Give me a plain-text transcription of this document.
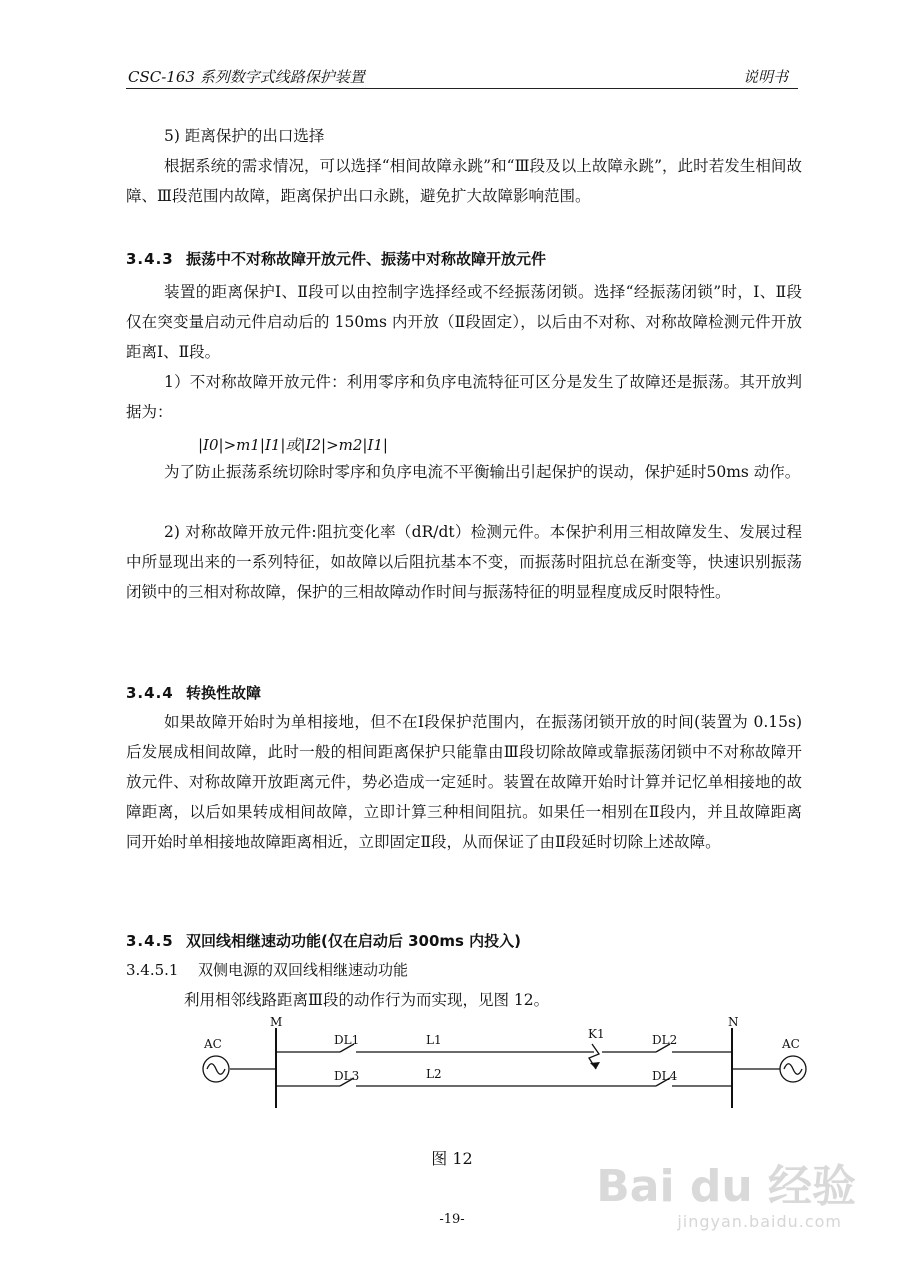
CSC-163 系列数字式线路保护装置	说明书

5) 距离保护的出口选择

根据系统的需求情况，可以选择“相间故障永跳”和“Ⅲ段及以上故障永跳”，此时若发生相间故障、Ⅲ段范围内故障，距离保护出口永跳，避免扩大故障影响范围。

3.4.3 振荡中不对称故障开放元件、振荡中对称故障开放元件

装置的距离保护Ⅰ、Ⅱ段可以由控制字选择经或不经振荡闭锁。选择“经振荡闭锁”时，Ⅰ、Ⅱ段仅在突变量启动元件启动后的 150ms 内开放（Ⅱ段固定），以后由不对称、对称故障检测元件开放距离Ⅰ、Ⅱ段。

1）不对称故障开放元件：利用零序和负序电流特征可区分是发生了故障还是振荡。其开放判据为：

|I0|>m1|I1|或|I2|>m2|I1|

为了防止振荡系统切除时零序和负序电流不平衡输出引起保护的误动，保护延时50ms 动作。

2) 对称故障开放元件:阻抗变化率（dR/dt）检测元件。本保护利用三相故障发生、发展过程中所显现出来的一系列特征，如故障以后阻抗基本不变，而振荡时阻抗总在渐变等，快速识别振荡闭锁中的三相对称故障，保护的三相故障动作时间与振荡特征的明显程度成反时限特性。

3.4.4 转换性故障

如果故障开始时为单相接地，但不在Ⅰ段保护范围内，在振荡闭锁开放的时间(装置为 0.15s)后发展成相间故障，此时一般的相间距离保护只能靠由Ⅲ段切除故障或靠振荡闭锁中不对称故障开放元件、对称故障开放距离元件，势必造成一定延时。装置在故障开始时计算并记忆单相接地的故障距离，以后如果转成相间故障，立即计算三种相间阻抗。如果任一相别在Ⅱ段内，并且故障距离同开始时单相接地故障距离相近，立即固定Ⅱ段，从而保证了由Ⅱ段延时切除上述故障。

3.4.5 双回线相继速动功能(仅在启动后 300ms 内投入)

3.4.5.1 双侧电源的双回线相继速动功能

利用相邻线路距离Ⅲ段的动作行为而实现，见图 12。

AC	AC
M	N
DL1	DL2
DL3	DL4
L1
L2
K1
图 12
-19-
Bai du 经验
jingyan.baidu.com
